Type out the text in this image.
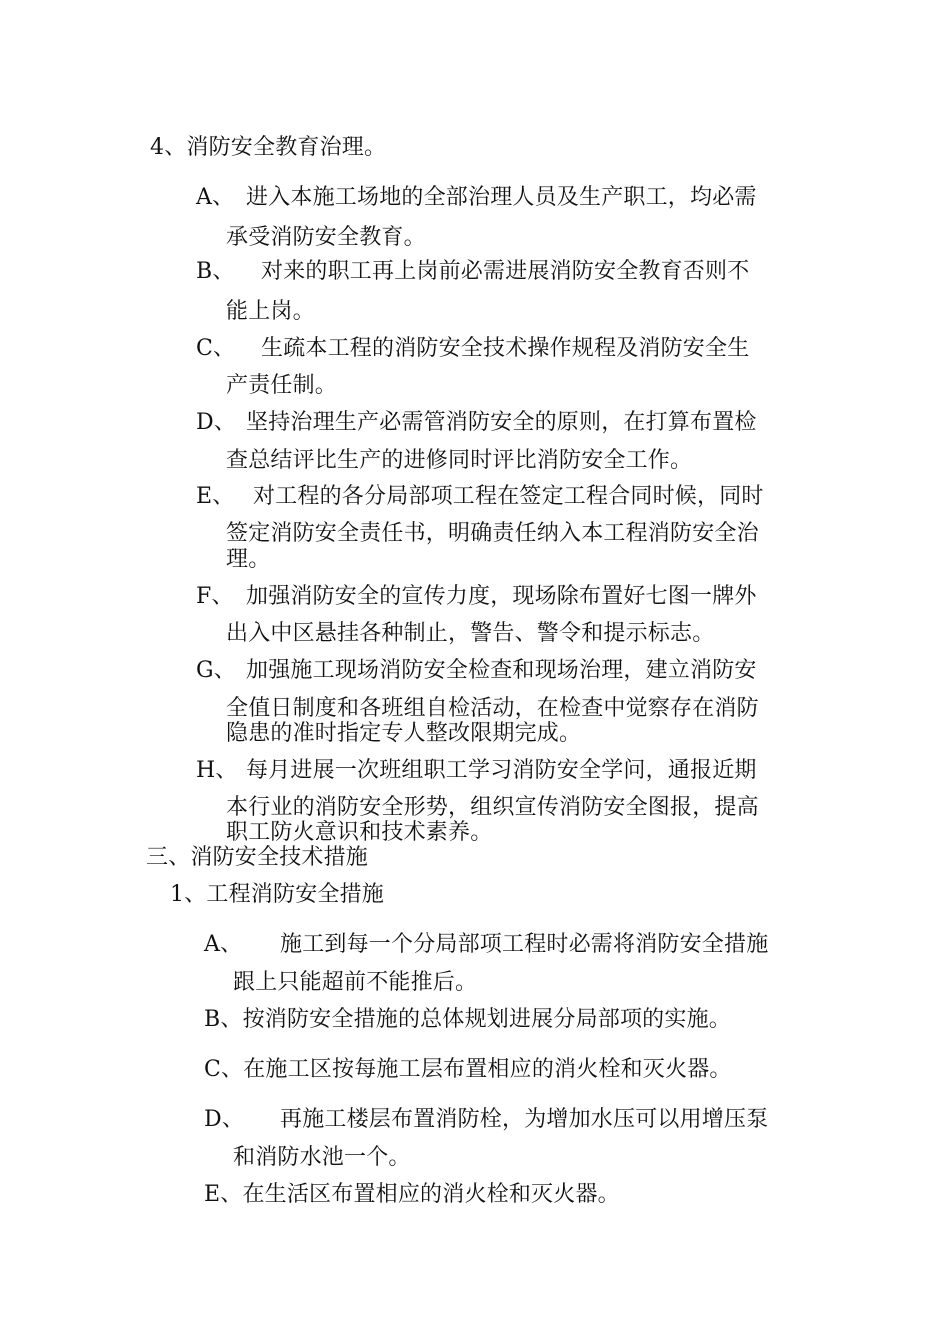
4、消防安全教育治理。
A、 进入本施工场地的全部治理人员及生产职工，均必需
承受消防安全教育。
B、 对来的职工再上岗前必需进展消防安全教育否则不
能上岗。
C、 生疏本工程的消防安全技术操作规程及消防安全生
产责任制。
D、 坚持治理生产必需管消防安全的原则，在打算布置检
查总结评比生产的进修同时评比消防安全工作。
E、 对工程的各分局部项工程在签定工程合同时候，同时
签定消防安全责任书，明确责任纳入本工程消防安全治
理。
F、 加强消防安全的宣传力度，现场除布置好七图一牌外
出入中区悬挂各种制止，警告、警令和提示标志。
G、 加强施工现场消防安全检查和现场治理，建立消防安
全值日制度和各班组自检活动，在检查中觉察存在消防
隐患的准时指定专人整改限期完成。
H、 每月进展一次班组职工学习消防安全学问，通报近期
本行业的消防安全形势，组织宣传消防安全图报，提高
职工防火意识和技术素养。
三、消防安全技术措施
1、工程消防安全措施
A、 施工到每一个分局部项工程时必需将消防安全措施
跟上只能超前不能推后。
B、按消防安全措施的总体规划进展分局部项的实施。
C、在施工区按每施工层布置相应的消火栓和灭火器。
D、 再施工楼层布置消防栓，为增加水压可以用增压泵
和消防水池一个。
E、在生活区布置相应的消火栓和灭火器。
